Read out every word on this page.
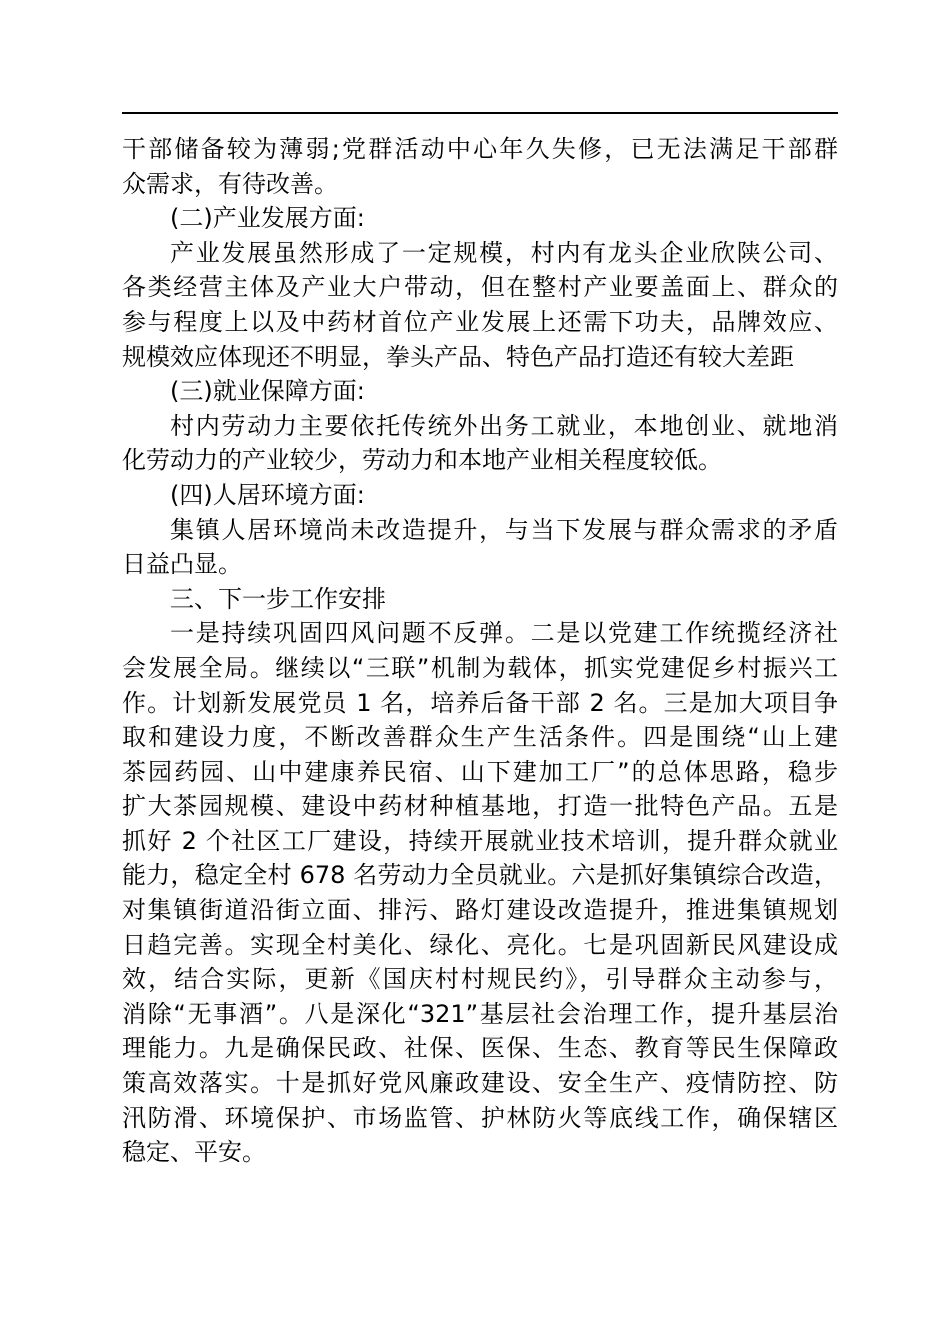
干部储备较为薄弱;党群活动中心年久失修，已无法满足干部群
众需求，有待改善。
(二)产业发展方面:
产业发展虽然形成了一定规模，村内有龙头企业欣陕公司、
各类经营主体及产业大户带动，但在整村产业要盖面上、群众的
参与程度上以及中药材首位产业发展上还需下功夫，品牌效应、
规模效应体现还不明显，拳头产品、特色产品打造还有较大差距
(三)就业保障方面:
村内劳动力主要依托传统外出务工就业，本地创业、就地消
化劳动力的产业较少，劳动力和本地产业相关程度较低。
(四)人居环境方面:
集镇人居环境尚未改造提升，与当下发展与群众需求的矛盾
日益凸显。
三、下一步工作安排
一是持续巩固四风问题不反弹。二是以党建工作统揽经济社
会发展全局。继续以“三联”机制为载体，抓实党建促乡村振兴工
作。计划新发展党员 1 名，培养后备干部 2 名。三是加大项目争
取和建设力度，不断改善群众生产生活条件。四是围绕“山上建
茶园药园、山中建康养民宿、山下建加工厂”的总体思路，稳步
扩大茶园规模、建设中药材种植基地，打造一批特色产品。五是
抓好 2 个社区工厂建设，持续开展就业技术培训，提升群众就业
能力，稳定全村 678 名劳动力全员就业。六是抓好集镇综合改造，
对集镇街道沿街立面、排污、路灯建设改造提升，推进集镇规划
日趋完善。实现全村美化、绿化、亮化。七是巩固新民风建设成
效，结合实际，更新《国庆村村规民约》，引导群众主动参与，
消除“无事酒”。八是深化“321”基层社会治理工作，提升基层治
理能力。九是确保民政、社保、医保、生态、教育等民生保障政
策高效落实。十是抓好党风廉政建设、安全生产、疫情防控、防
汛防滑、环境保护、市场监管、护林防火等底线工作，确保辖区
稳定、平安。
